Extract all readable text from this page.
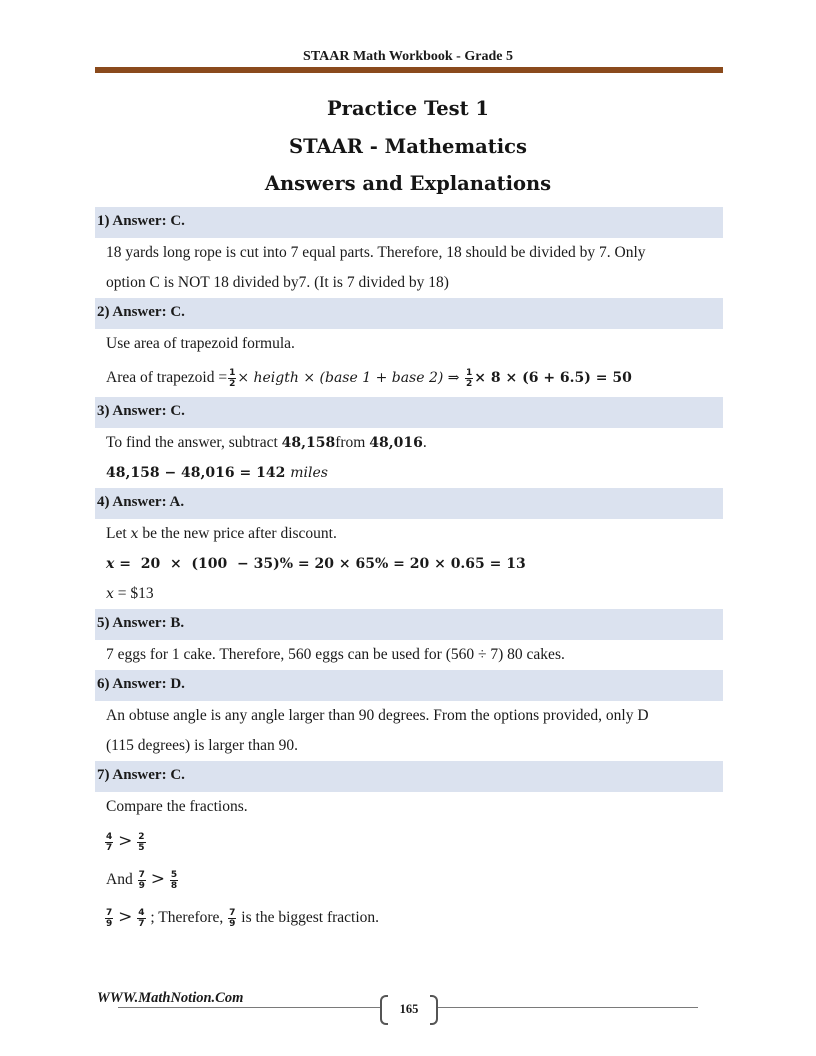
STAAR Math Workbook - Grade 5
Practice Test 1
STAAR - Mathematics
Answers and Explanations
1) Answer: C.
18 yards long rope is cut into 7 equal parts. Therefore, 18 should be divided by 7. Only
option C is NOT 18 divided by7. (It is 7 divided by 18)
2) Answer: C.
Use area of trapezoid formula.
Area of trapezoid = $\frac{1}{2}$ × heigth × (base 1 + base 2) ⇒ $\frac{1}{2} \times 8 \times (6 + 6.5) = 50$
3) Answer: C.
To find the answer, subtract 48,158from 48,016.
48,158 − 48,016 = 142 miles
4) Answer: A.
Let x be the new price after discount.
x =  20  ×  (100  − 35)% = 20 × 65% = 20 × 0.65 = 13
x = $13
5) Answer: B.
7 eggs for 1 cake. Therefore, 560 eggs can be used for (560 ÷ 7) 80 cakes.
6) Answer: D.
An obtuse angle is any angle larger than 90 degrees. From the options provided, only D
(115 degrees) is larger than 90.
7) Answer: C.
Compare the fractions.
$\frac{4}{7} > \frac{2}{5}$
And $\frac{7}{9} > \frac{5}{8}$
$\frac{7}{9} > \frac{4}{7}$ ; Therefore, $\frac{7}{9}$ is the biggest fraction.
WWW.MathNotion.Com
165
